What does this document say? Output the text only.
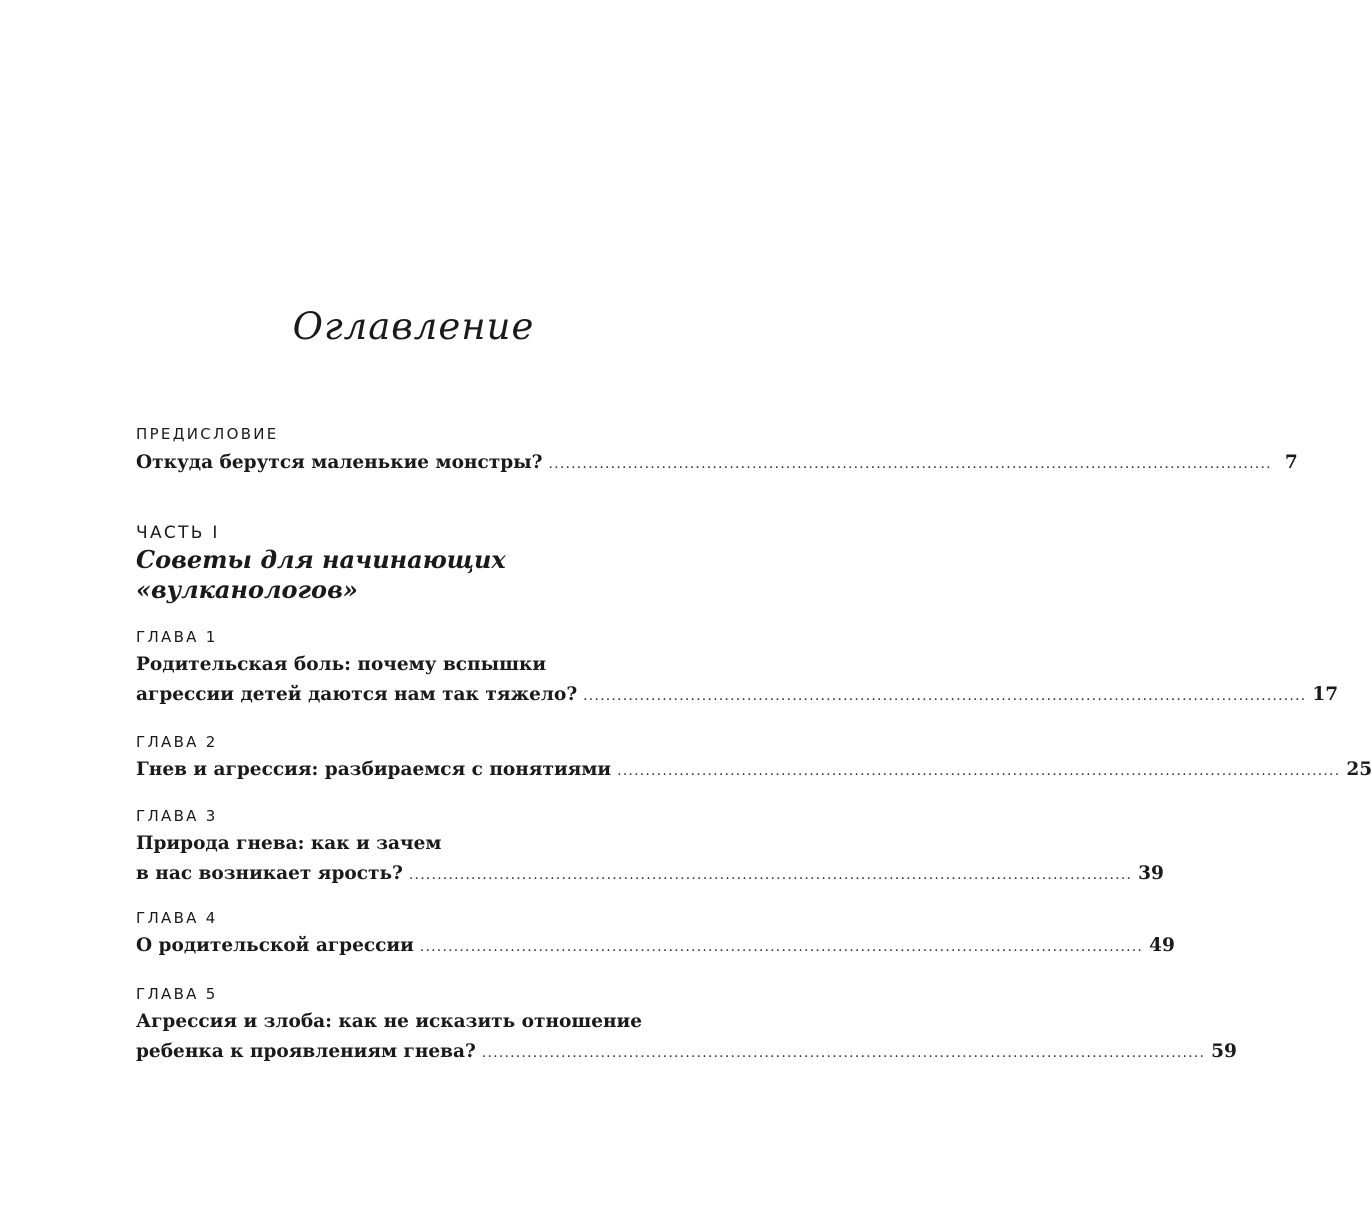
Оглавление
ПРЕДИСЛОВИЕ
Откуда берутся маленькие монстры? ................................................................................................................................ 7
ЧАСТЬ I
Советы для начинающих
«вулканологов»
ГЛАВА 1
Родительская боль: почему вспышки
агрессии детей даются нам так тяжело? ................................................................................................................................ 17
ГЛАВА 2
Гнев и агрессия: разбираемся с понятиями ................................................................................................................................ 25
ГЛАВА 3
Природа гнева: как и зачем
в нас возникает ярость? ................................................................................................................................ 39
ГЛАВА 4
О родительской агрессии ................................................................................................................................ 49
ГЛАВА 5
Агрессия и злоба: как не исказить отношение
ребенка к проявлениям гнева? ................................................................................................................................ 59
